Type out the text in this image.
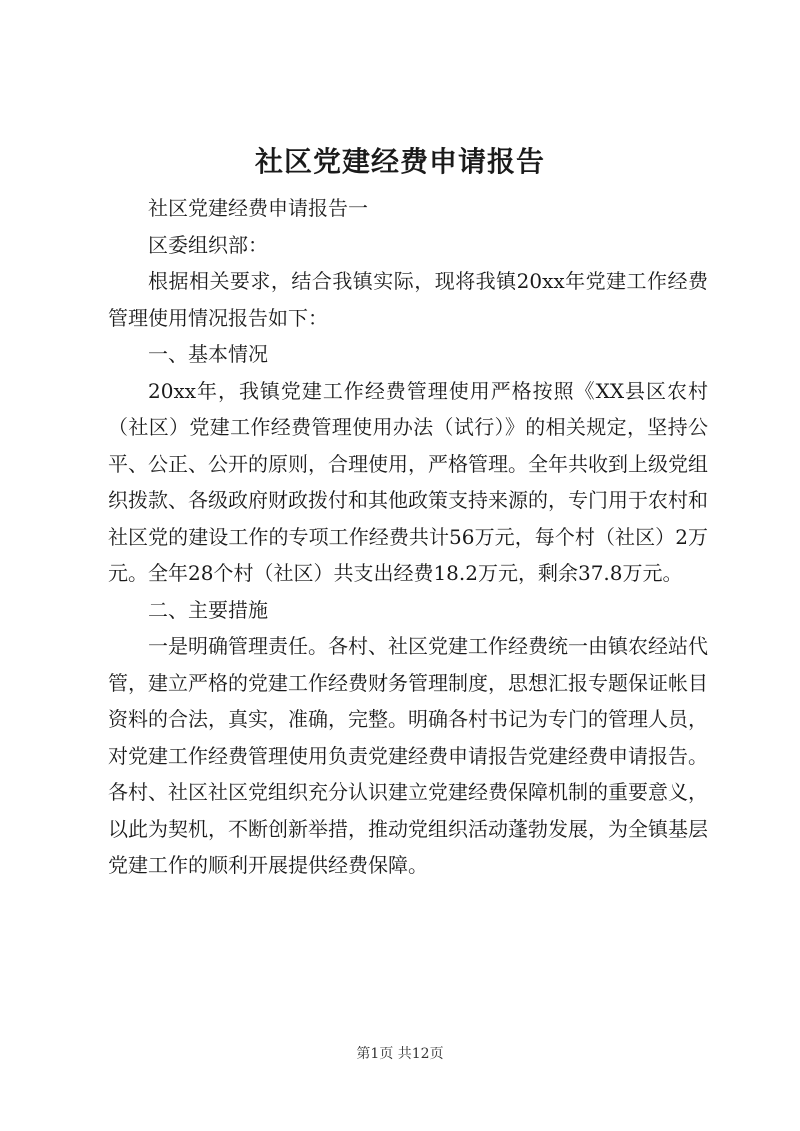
社区党建经费申请报告

社区党建经费申请报告一

区委组织部：

根据相关要求，结合我镇实际，现将我镇20xx年党建工作经费管理使用情况报告如下：

一、基本情况

20xx年，我镇党建工作经费管理使用严格按照《XX县区农村（社区）党建工作经费管理使用办法（试行）》的相关规定，坚持公平、公正、公开的原则，合理使用，严格管理。全年共收到上级党组织拨款、各级政府财政拨付和其他政策支持来源的，专门用于农村和社区党的建设工作的专项工作经费共计56万元，每个村（社区）2万元。全年28个村（社区）共支出经费18.2万元，剩余37.8万元。

二、主要措施

一是明确管理责任。各村、社区党建工作经费统一由镇农经站代管，建立严格的党建工作经费财务管理制度，思想汇报专题保证帐目资料的合法，真实，准确，完整。明确各村书记为专门的管理人员，对党建工作经费管理使用负责党建经费申请报告党建经费申请报告。各村、社区社区党组织充分认识建立党建经费保障机制的重要意义，以此为契机，不断创新举措，推动党组织活动蓬勃发展，为全镇基层党建工作的顺利开展提供经费保障。

第1页 共12页
